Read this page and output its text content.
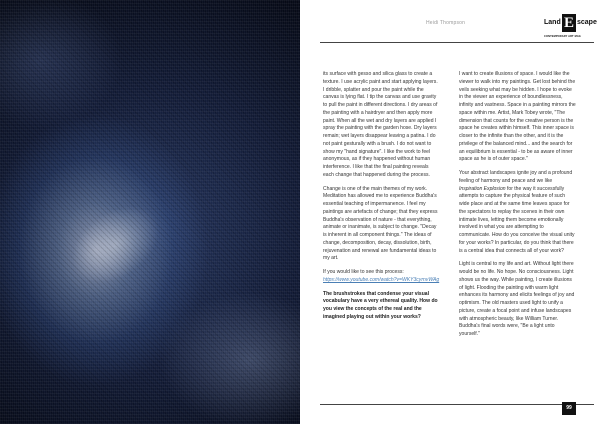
Heidi Thompson	Land E scape
CONTEMPORARY ART MAG

its surface with gesso and silica glass to create a texture. I use acrylic paint and start applying layers. I dribble, splatter and pour the paint while the canvas is lying flat. I tip the canvas and use gravity to pull the paint in different directions. I dry areas of the painting with a hairdryer and then apply more paint. When all the wet and dry layers are applied I spray the painting with the garden hose. Dry layers remain; wet layers disappear leaving a patina. I do not paint gesturally with a brush. I do not want to show my "hand signature". I like the work to feel anonymous, as if they happened without human interference. I like that the final painting reveals each change that happened during the process.

Change is one of the main themes of my work. Meditation has allowed me to experience Buddha's essential teaching of impermanence. I feel my paintings are artefacts of change; that they express Buddha's observation of nature - that everything, animate or inanimate, is subject to change. "Decay is inherent in all component things." The ideas of change, decomposition, decay, dissolution, birth, rejuvenation and renewal are fundamental ideas to my art.

If you would like to see this process:
https://www.youtube.com/watch?v=WKY3cyrnvWAg

The brushstrokes that condense your visual vocabulary have a very ethereal quality. How do you view the concepts of the real and the imagined playing out within your works?

I want to create illusions of space. I would like the viewer to walk into my paintings. Get lost behind the veils seeking what may be hidden. I hope to evoke in the viewer an experience of boundlessness, infinity and vastness. Space in a painting mirrors the space within me. Artist, Mark Tobey wrote, "The dimension that counts for the creative person is the space he creates within himself. This inner space is closer to the infinite than the other, and it is the privilege of the balanced mind... and the search for an equilibrium is essential - to be as aware of inner space as he is of outer space."

Your abstract landscapes ignite joy and a profound feeling of harmony and peace and we like Inspiration Explosion for the way it successfully attempts to capture the physical feature of such wide place and at the same time leaves space for the spectators to replay the scenes in their own intimate lives, letting them become emotionally involved in what you are attempting to communicate. How do you conceive the visual unity for your works? In particular, do you think that there is a central idea that connects all of your work?

Light is central to my life and art. Without light there would be no life. No hope. No consciousness. Light shows us the way. While painting, I create illusions of light. Flooding the painting with warm light enhances its harmony and elicits feelings of joy and optimism. The old masters used light to unify a picture, create a focal point and infuse landscapes with atmospheric beauty, like William Turner. Buddha's final words were, "Be a light unto yourself."

99
